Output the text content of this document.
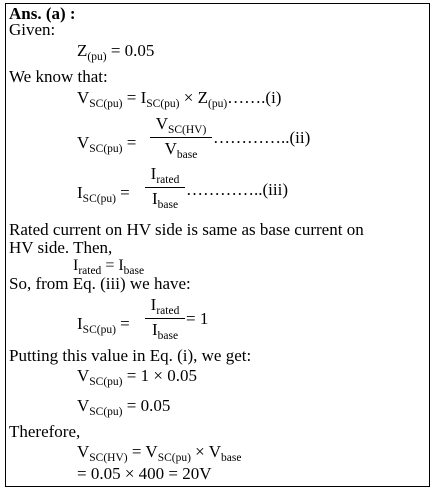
Ans. (a) :
Given:
$Z_{(pu)} = 0.05$
We know that:
$V_{SC(pu)} = I_{SC(pu)}$ × $Z_{(pu)}\dots\dots.(i)$
$V_{SC(pu)}$ =
$V_{SC(HV)}$
$V_{base}$
…………..(ii)
$I_{SC(pu)}$ =
$I_{rated}$
$I_{base}$
…………..(iii)
Rated current on HV side is same as base current on
HV side. Then,
$I_{rated} = I_{base}$
So, from Eq. (iii) we have:
$I_{SC(pu)}$ =
$I_{rated}$
$I_{base}$
= 1
Putting this value in Eq. (i), we get:
$V_{SC(pu)} = 1 \times 0.05$
$V_{SC(pu)} = 0.05$
Therefore,
$V_{SC(HV)} = V_{SC(pu)} \times V_{base}$
= 0.05 × 400 = 20V
